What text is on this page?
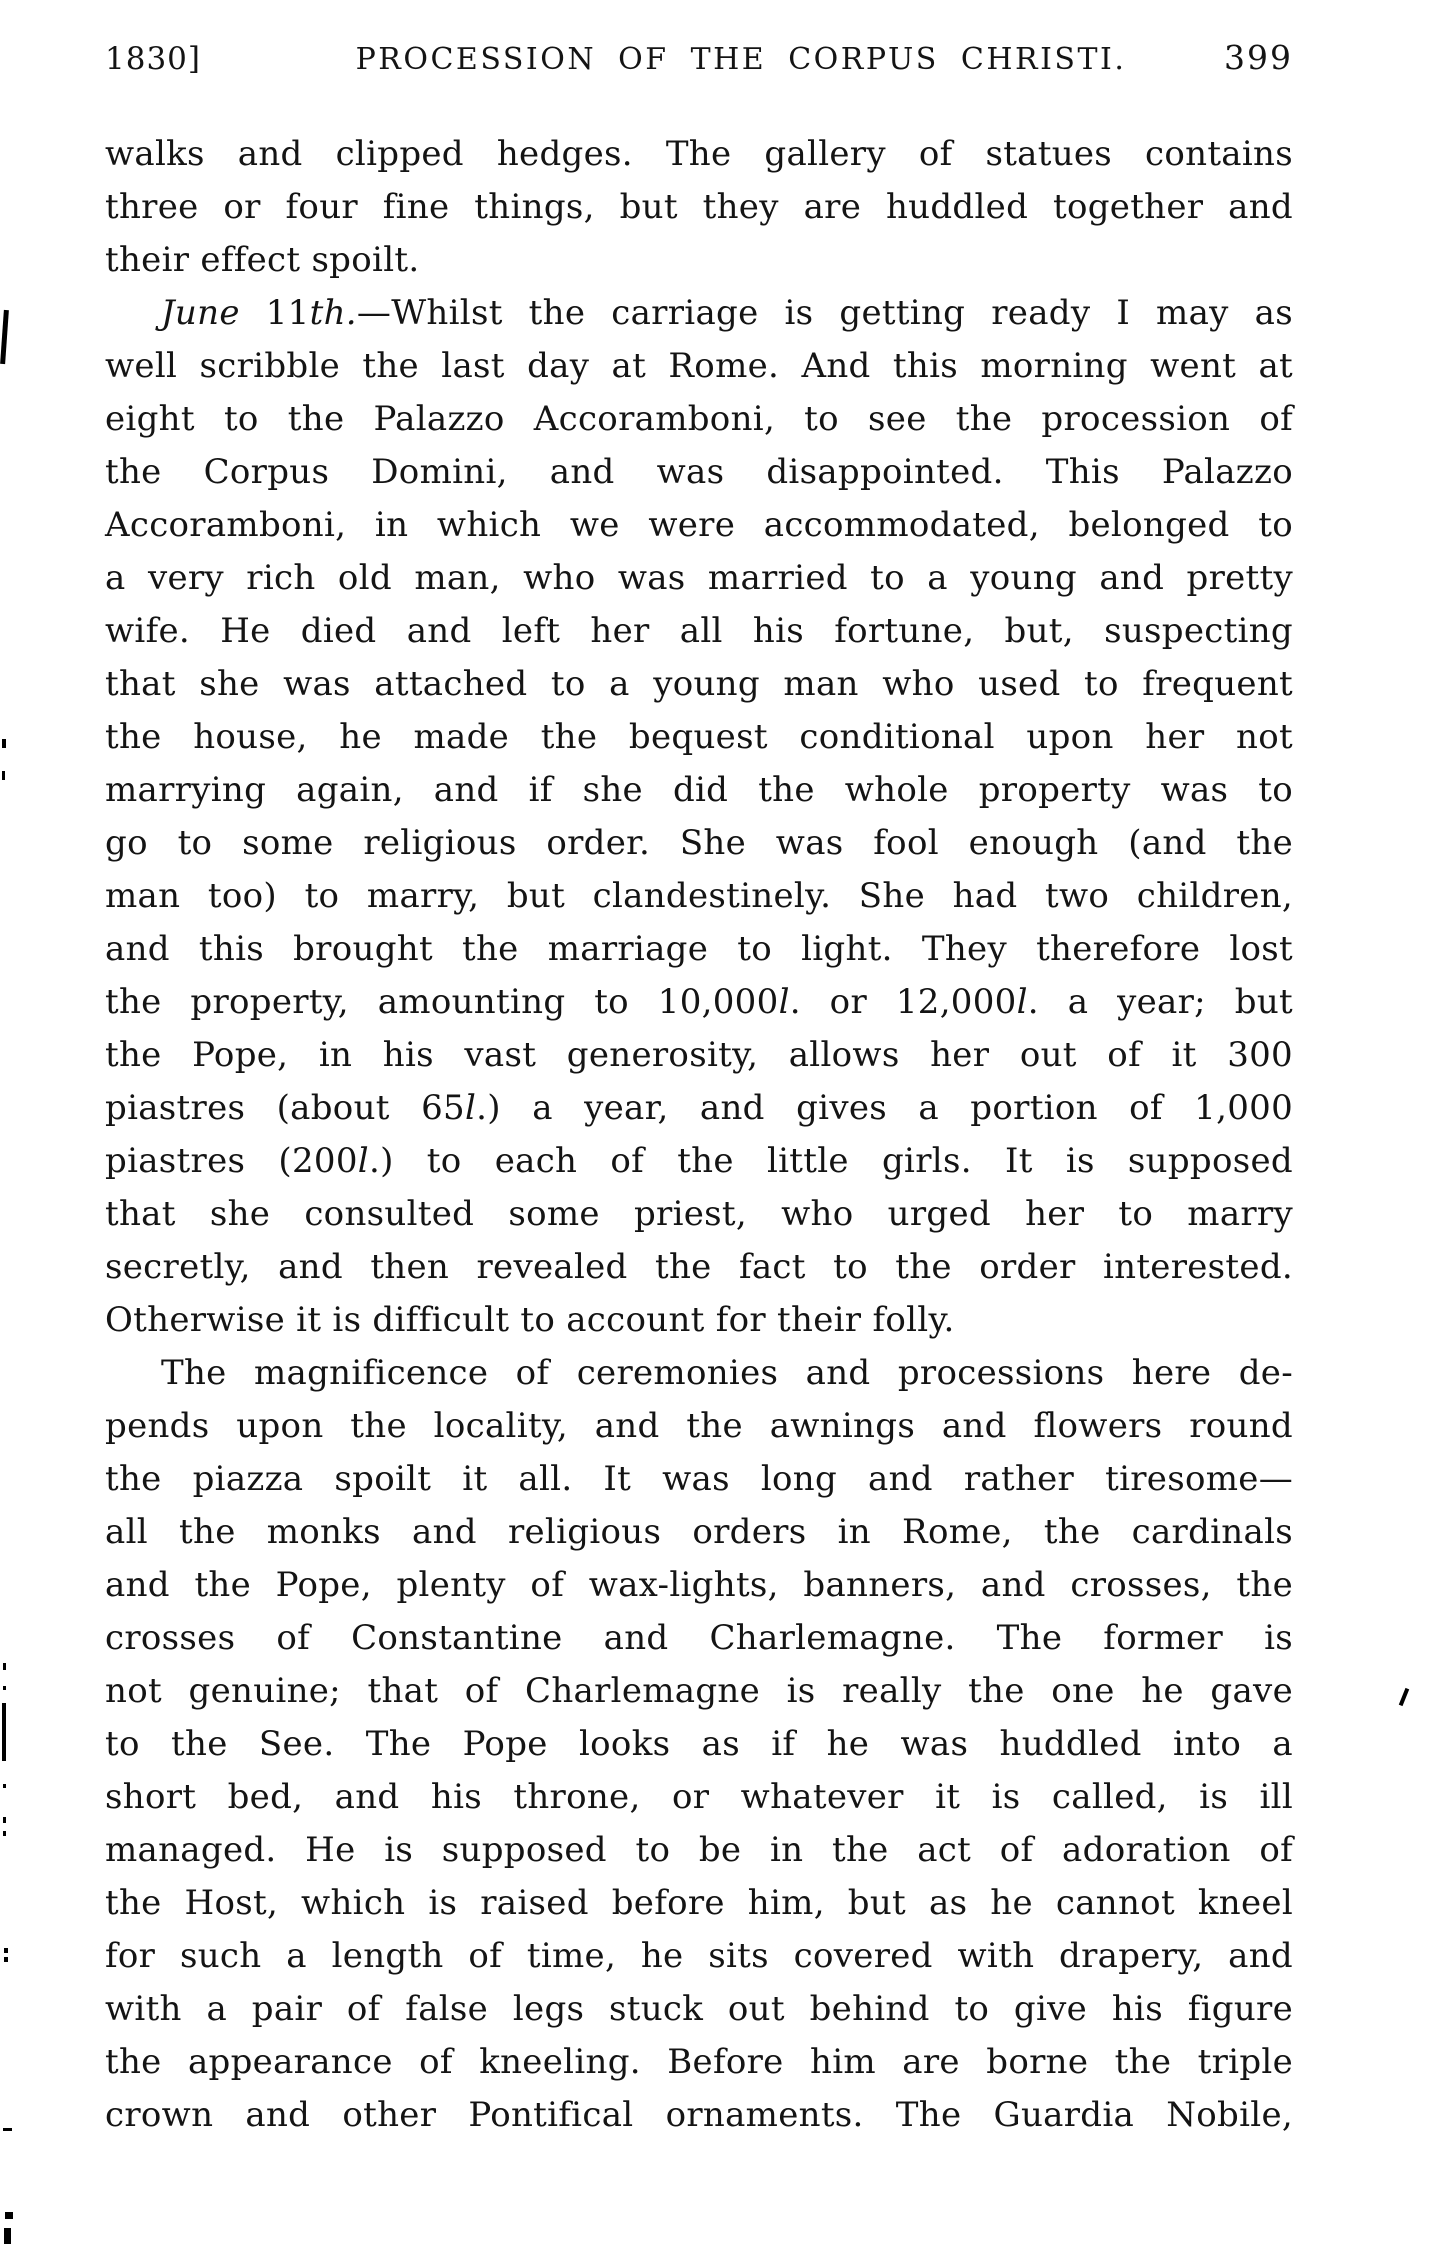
1830]	PROCESSION OF THE CORPUS CHRISTI.	399
walks and clipped hedges. The gallery of statues contains
three or four fine things, but they are huddled together and
their effect spoilt.
June 11th.—Whilst the carriage is getting ready I may as
well scribble the last day at Rome. And this morning went at
eight to the Palazzo Accoramboni, to see the procession of
the Corpus Domini, and was disappointed. This Palazzo
Accoramboni, in which we were accommodated, belonged to
a very rich old man, who was married to a young and pretty
wife. He died and left her all his fortune, but, suspecting
that she was attached to a young man who used to frequent
the house, he made the bequest conditional upon her not
marrying again, and if she did the whole property was to
go to some religious order. She was fool enough (and the
man too) to marry, but clandestinely. She had two children,
and this brought the marriage to light. They therefore lost
the property, amounting to 10,000l. or 12,000l. a year; but
the Pope, in his vast generosity, allows her out of it 300
piastres (about 65l.) a year, and gives a portion of 1,000
piastres (200l.) to each of the little girls. It is supposed
that she consulted some priest, who urged her to marry
secretly, and then revealed the fact to the order interested.
Otherwise it is difficult to account for their folly.
The magnificence of ceremonies and processions here de-
pends upon the locality, and the awnings and flowers round
the piazza spoilt it all. It was long and rather tiresome—
all the monks and religious orders in Rome, the cardinals
and the Pope, plenty of wax-lights, banners, and crosses, the
crosses of Constantine and Charlemagne. The former is
not genuine; that of Charlemagne is really the one he gave
to the See. The Pope looks as if he was huddled into a
short bed, and his throne, or whatever it is called, is ill
managed. He is supposed to be in the act of adoration of
the Host, which is raised before him, but as he cannot kneel
for such a length of time, he sits covered with drapery, and
with a pair of false legs stuck out behind to give his figure
the appearance of kneeling. Before him are borne the triple
crown and other Pontifical ornaments. The Guardia Nobile,
